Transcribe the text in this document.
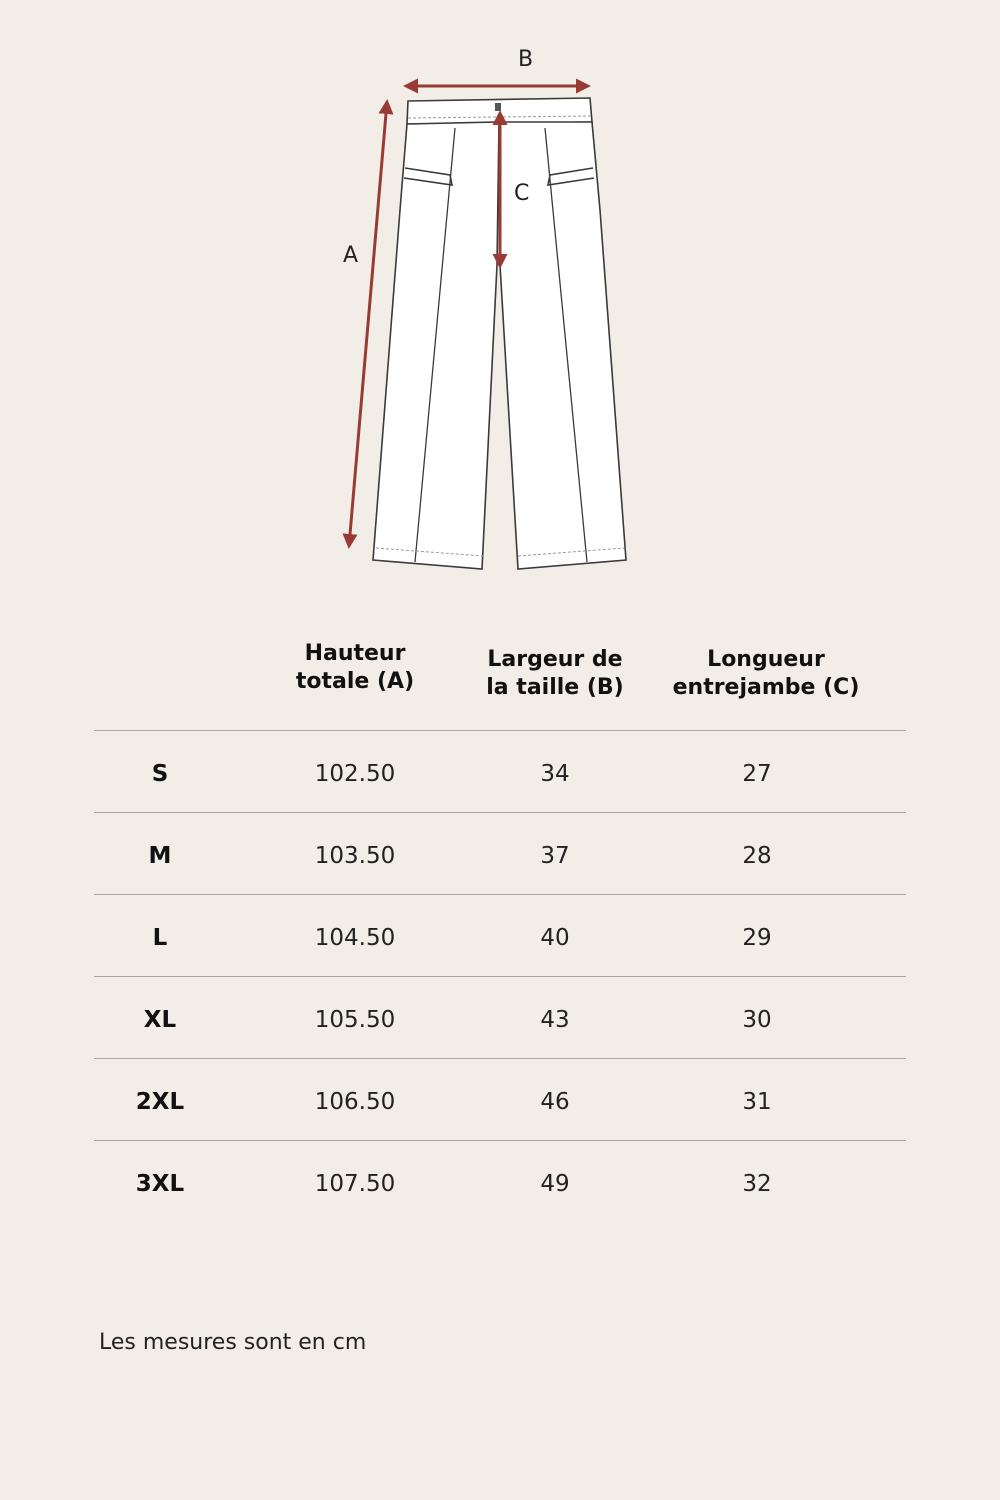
A
B
C
Hauteur
totale (A)
Largeur de
la taille (B)
Longueur
entrejambe (C)
S	102.50	34	27
M	103.50	37	28
L	104.50	40	29
XL	105.50	43	30
2XL	106.50	46	31
3XL	107.50	49	32
Les mesures sont en cm
